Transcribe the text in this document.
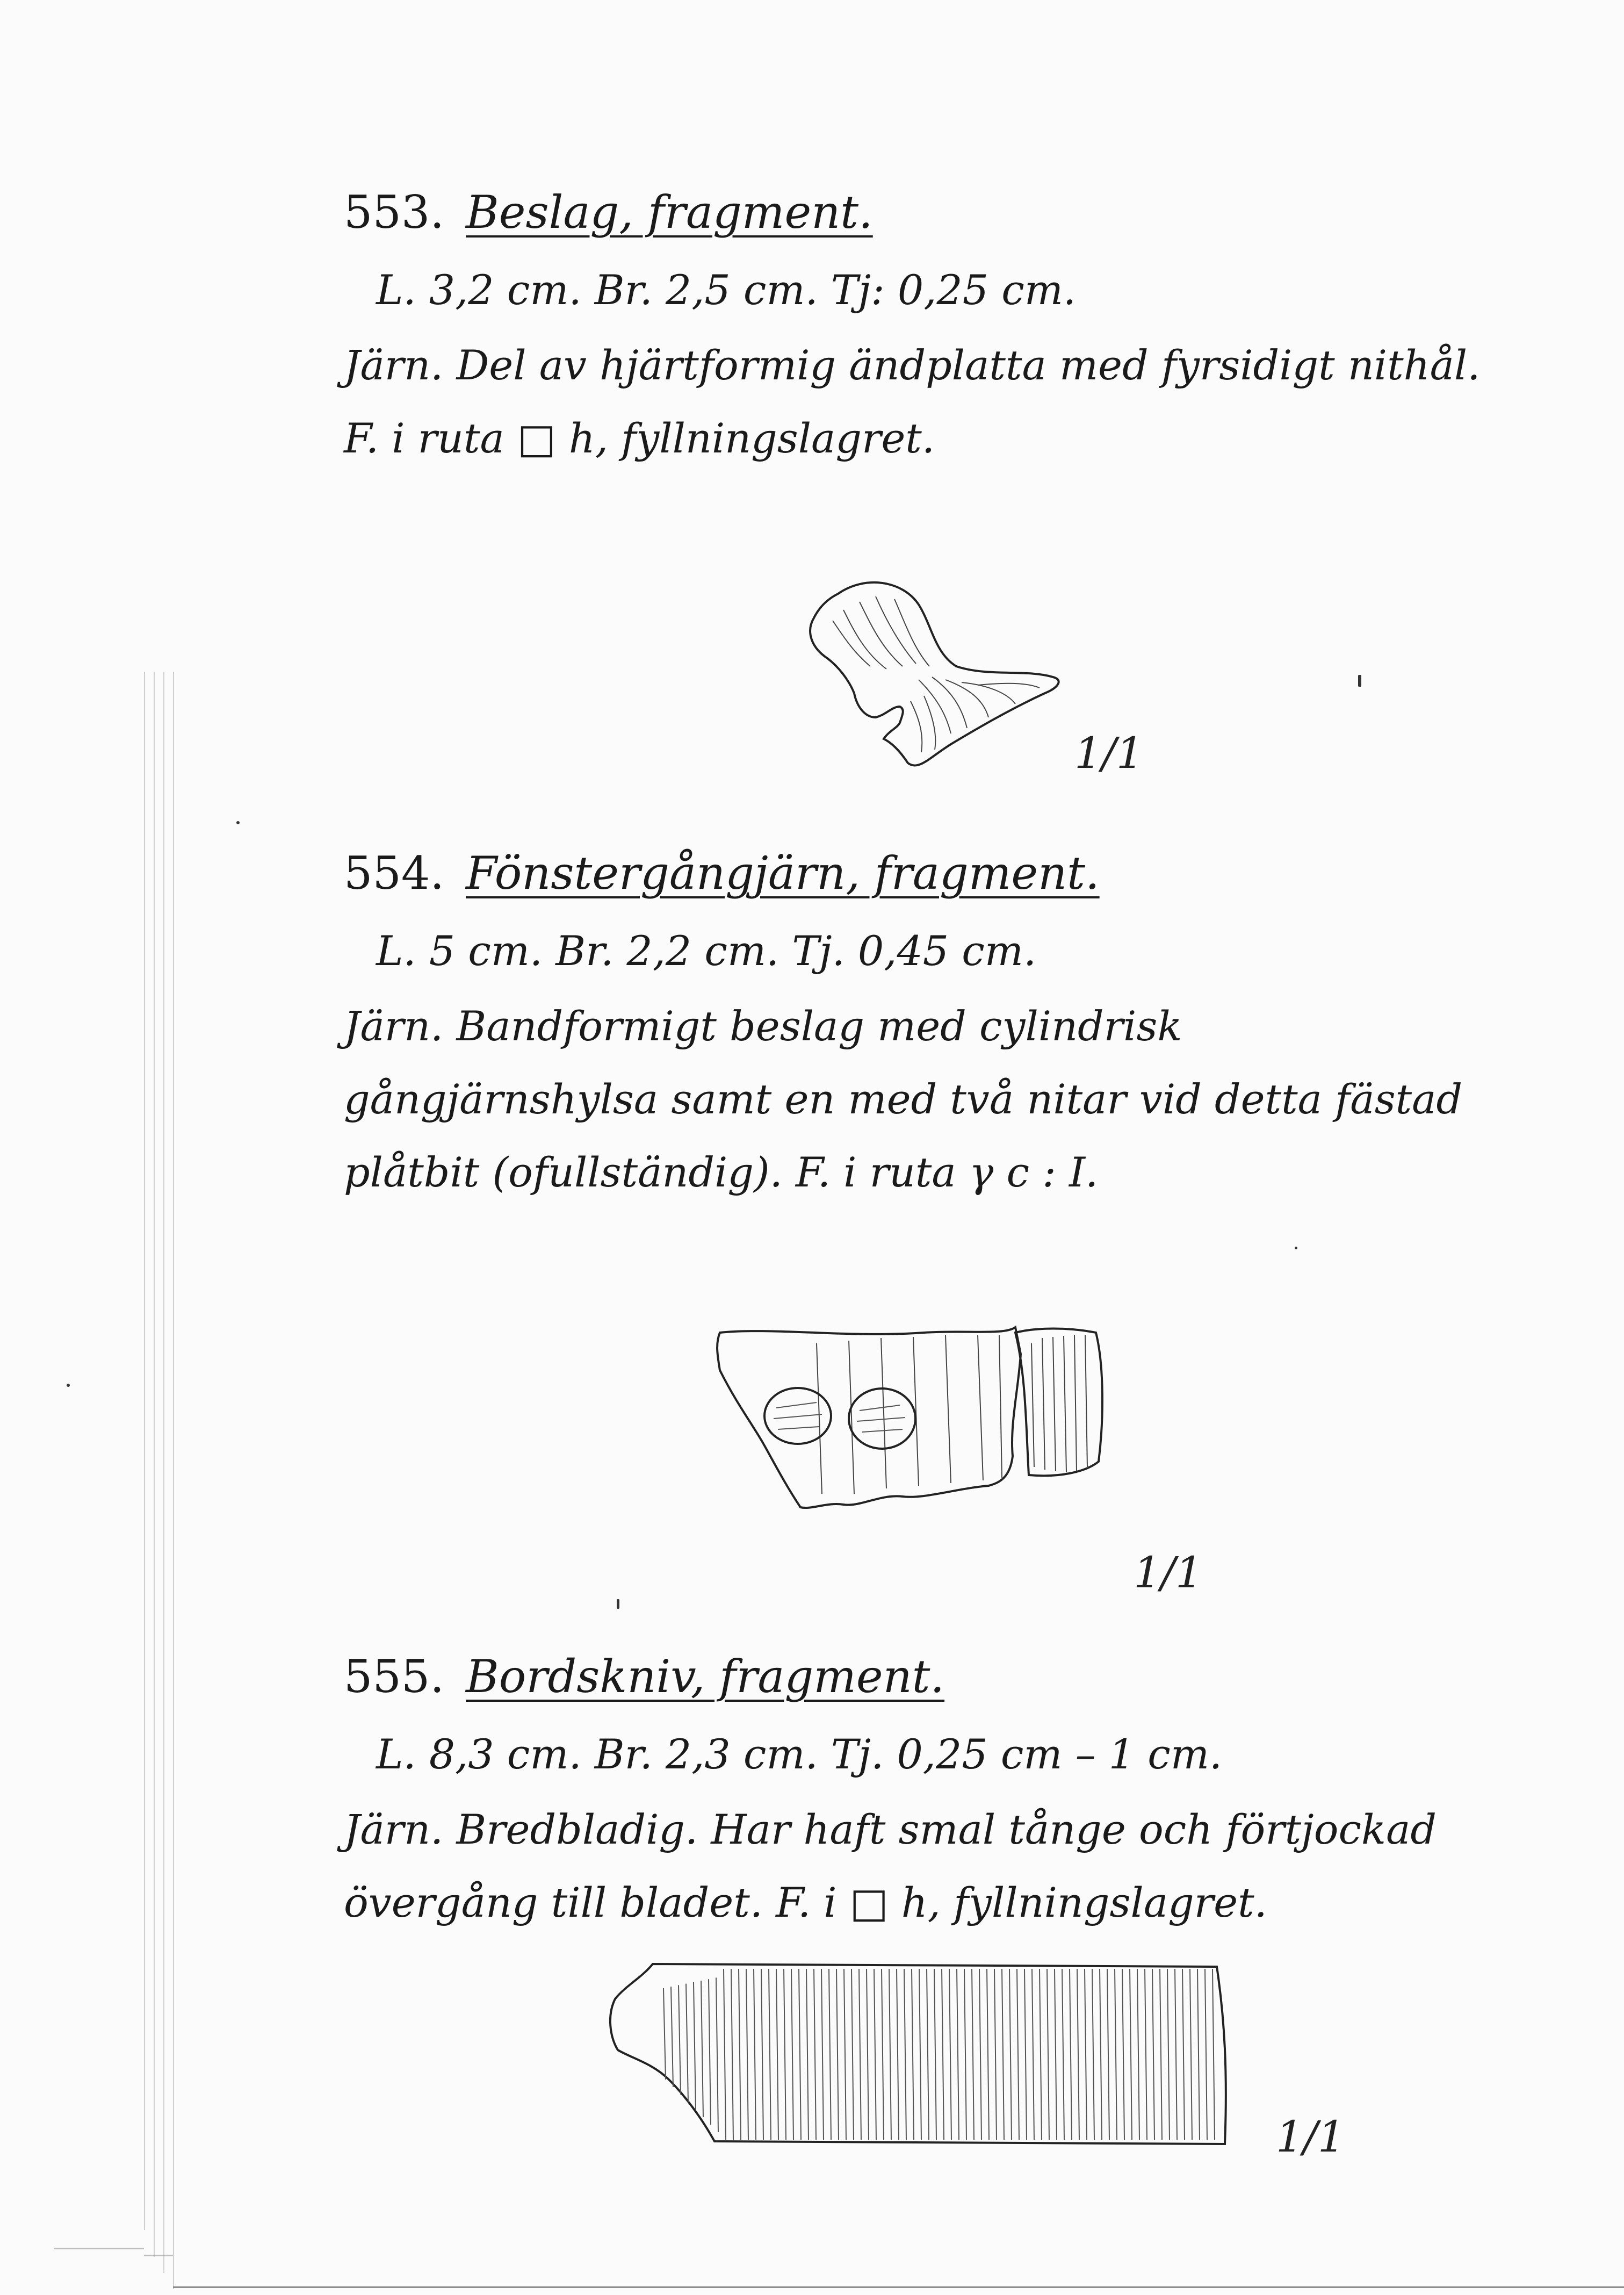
553. Beslag, fragment.
L. 3,2 cm. Br. 2,5 cm. Tj: 0,25 cm.
Järn. Del av hjärtformig ändplatta med fyrsidigt nithål. F. i ruta □ h, fyllningslagret.
1/1
554. Fönstergångjärn, fragment.
L. 5 cm. Br. 2,2 cm. Tj. 0,45 cm.
Järn. Bandformigt beslag med cylindrisk gångjärnshylsa samt en med två nitar vid detta fästad plåtbit (ofullständig). F. i ruta γ c : I.
1/1
555. Bordskniv, fragment.
L. 8,3 cm. Br. 2,3 cm. Tj. 0,25 cm – 1 cm.
Järn. Bredbladig. Har haft smal tånge och förtjockad övergång till bladet. F. i □ h, fyllningslagret.
1/1
